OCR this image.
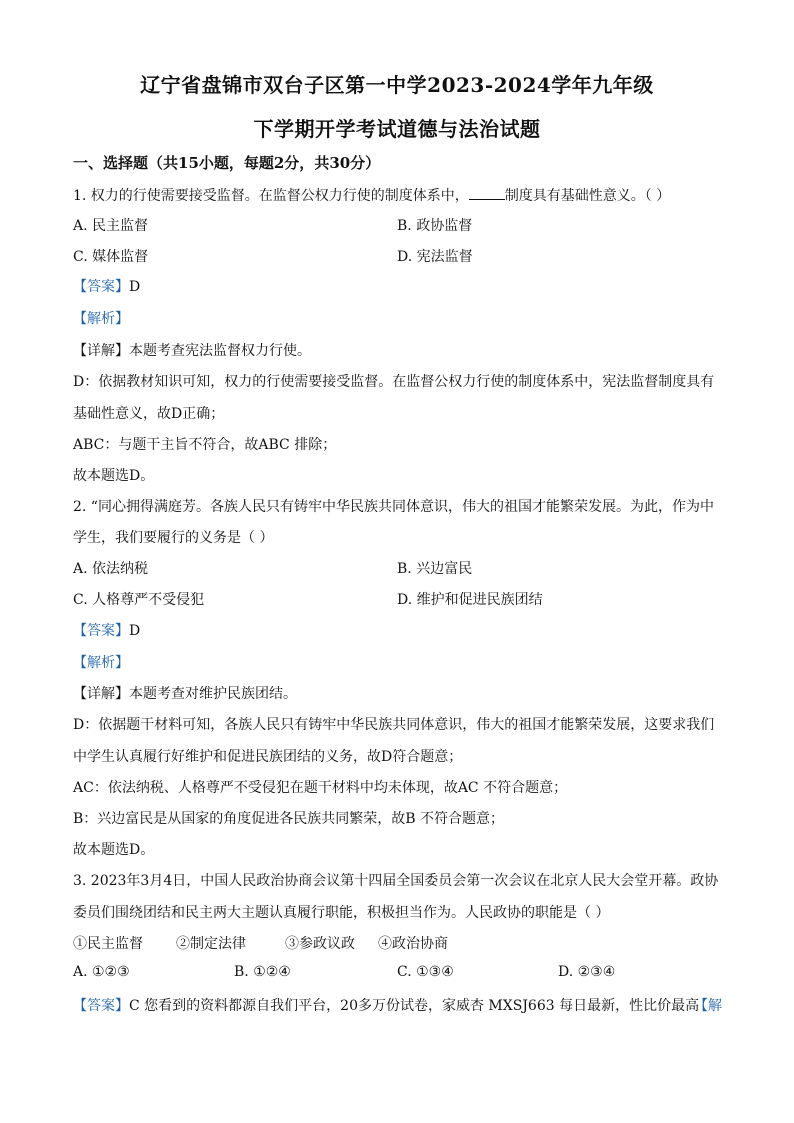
辽宁省盘锦市双台子区第一中学2023-2024学年九年级
下学期开学考试道德与法治试题
一、选择题（共15小题，每题2分，共30分）
1. 权力的行使需要接受监督。在监督公权力行使的制度体系中，	制度具有基础性意义。（ ）
A. 民主监督	B. 政协监督
C. 媒体监督	D. 宪法监督
【答案】D
【解析】
【详解】本题考查宪法监督权力行使。
D：依据教材知识可知，权力的行使需要接受监督。在监督公权力行使的制度体系中，宪法监督制度具有
基础性意义，故D正确；
ABC：与题干主旨不符合，故ABC 排除；
故本题选D。
2. “同心拥得满庭芳。各族人民只有铸牢中华民族共同体意识，伟大的祖国才能繁荣发展。为此，作为中
学生，我们要履行的义务是（ ）
A. 依法纳税	B. 兴边富民
C. 人格尊严不受侵犯	D. 维护和促进民族团结
【答案】D
【解析】
【详解】本题考查对维护民族团结。
D：依据题干材料可知，各族人民只有铸牢中华民族共同体意识，伟大的祖国才能繁荣发展，这要求我们
中学生认真履行好维护和促进民族团结的义务，故D符合题意；
AC：依法纳税、人格尊严不受侵犯在题干材料中均未体现，故AC 不符合题意；
B：兴边富民是从国家的角度促进各民族共同繁荣，故B 不符合题意；
故本题选D。
3. 2023年3月4日，中国人民政治协商会议第十四届全国委员会第一次会议在北京人民大会堂开幕。政协
委员们围绕团结和民主两大主题认真履行职能，积极担当作为。人民政协的职能是（ ）
①民主监督 ②制定法律	③参政议政 ④政治协商
A. ①②③	B. ①②④	C. ①③④	D. ②③④
【答案】C 您看到的资料都源自我们平台，20多万份试卷，家威杏 MXSJ663 每日最新，性比价最高
【解
